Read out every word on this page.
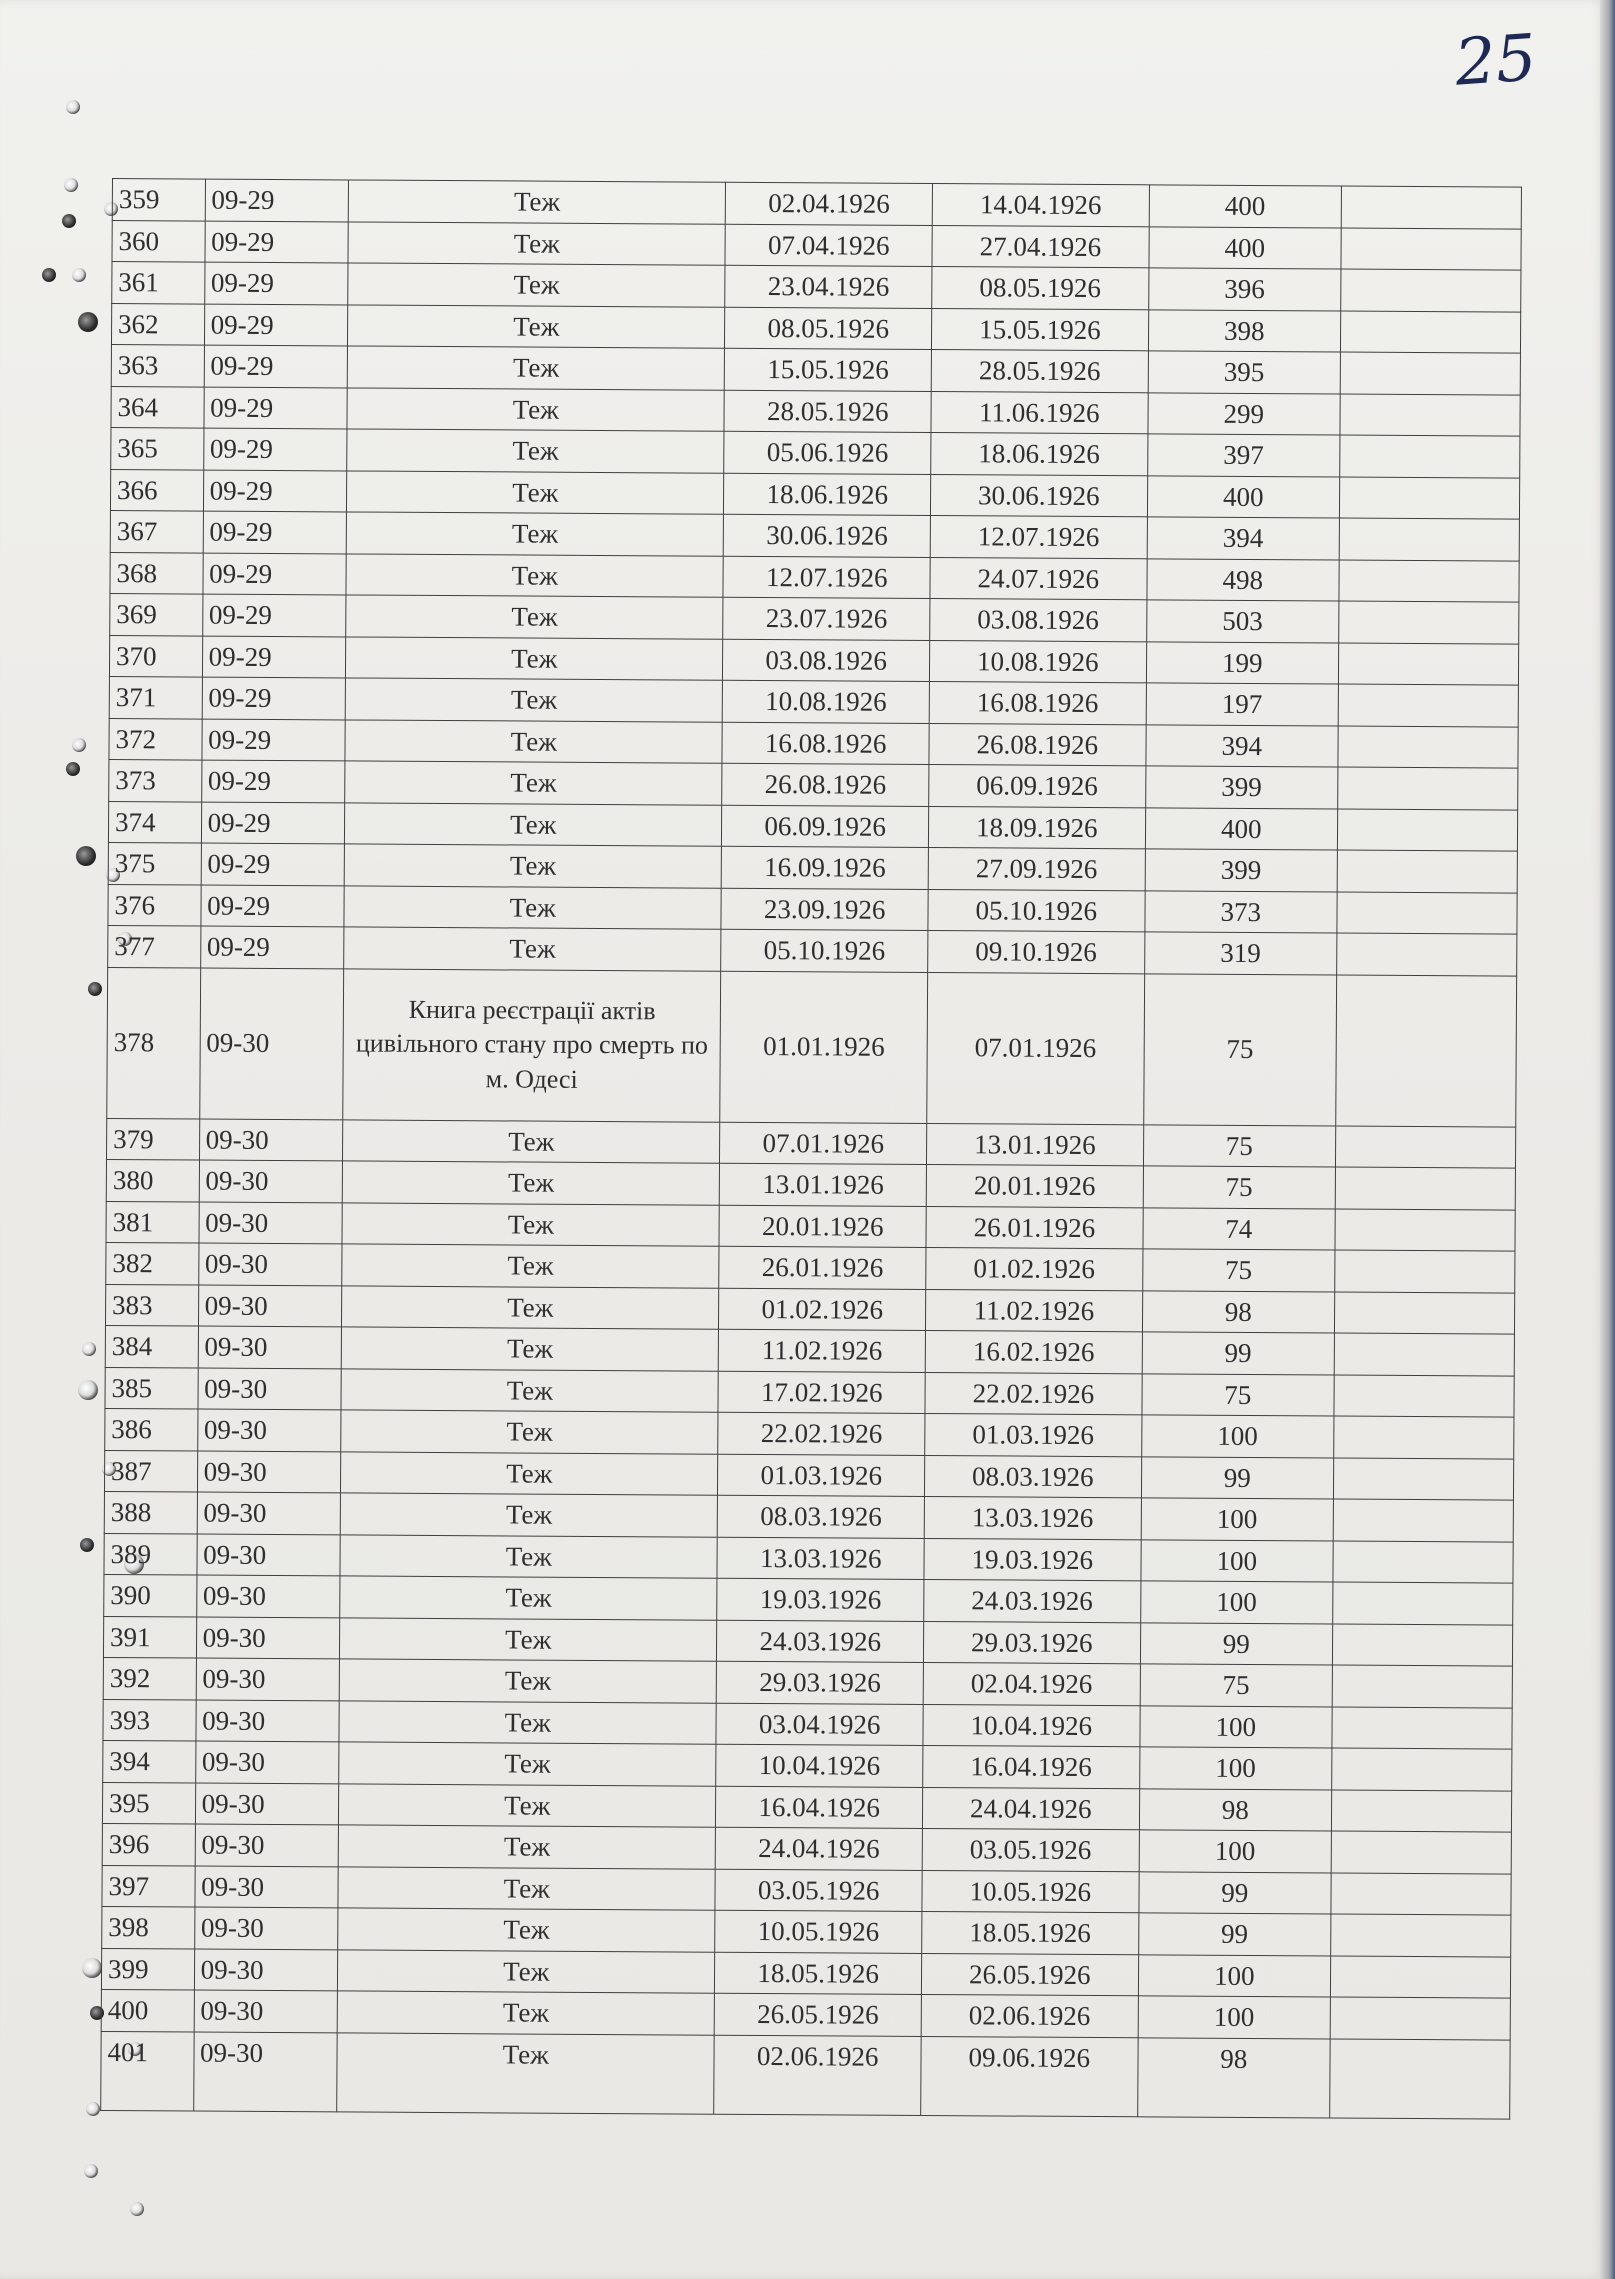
25
359	09-29	Теж	02.04.1926	14.04.1926	400	
360	09-29	Теж	07.04.1926	27.04.1926	400	
361	09-29	Теж	23.04.1926	08.05.1926	396	
362	09-29	Теж	08.05.1926	15.05.1926	398	
363	09-29	Теж	15.05.1926	28.05.1926	395	
364	09-29	Теж	28.05.1926	11.06.1926	299	
365	09-29	Теж	05.06.1926	18.06.1926	397	
366	09-29	Теж	18.06.1926	30.06.1926	400	
367	09-29	Теж	30.06.1926	12.07.1926	394	
368	09-29	Теж	12.07.1926	24.07.1926	498	
369	09-29	Теж	23.07.1926	03.08.1926	503	
370	09-29	Теж	03.08.1926	10.08.1926	199	
371	09-29	Теж	10.08.1926	16.08.1926	197	
372	09-29	Теж	16.08.1926	26.08.1926	394	
373	09-29	Теж	26.08.1926	06.09.1926	399	
374	09-29	Теж	06.09.1926	18.09.1926	400	
375	09-29	Теж	16.09.1926	27.09.1926	399	
376	09-29	Теж	23.09.1926	05.10.1926	373	
377	09-29	Теж	05.10.1926	09.10.1926	319	
378	09-30	Книга реєстрації актів цивільного стану про смерть по м. Одесі	01.01.1926	07.01.1926	75	
379	09-30	Теж	07.01.1926	13.01.1926	75	
380	09-30	Теж	13.01.1926	20.01.1926	75	
381	09-30	Теж	20.01.1926	26.01.1926	74	
382	09-30	Теж	26.01.1926	01.02.1926	75	
383	09-30	Теж	01.02.1926	11.02.1926	98	
384	09-30	Теж	11.02.1926	16.02.1926	99	
385	09-30	Теж	17.02.1926	22.02.1926	75	
386	09-30	Теж	22.02.1926	01.03.1926	100	
387	09-30	Теж	01.03.1926	08.03.1926	99	
388	09-30	Теж	08.03.1926	13.03.1926	100	
389	09-30	Теж	13.03.1926	19.03.1926	100	
390	09-30	Теж	19.03.1926	24.03.1926	100	
391	09-30	Теж	24.03.1926	29.03.1926	99	
392	09-30	Теж	29.03.1926	02.04.1926	75	
393	09-30	Теж	03.04.1926	10.04.1926	100	
394	09-30	Теж	10.04.1926	16.04.1926	100	
395	09-30	Теж	16.04.1926	24.04.1926	98	
396	09-30	Теж	24.04.1926	03.05.1926	100	
397	09-30	Теж	03.05.1926	10.05.1926	99	
398	09-30	Теж	10.05.1926	18.05.1926	99	
399	09-30	Теж	18.05.1926	26.05.1926	100	
400	09-30	Теж	26.05.1926	02.06.1926	100	
401	09-30	Теж	02.06.1926	09.06.1926	98	
